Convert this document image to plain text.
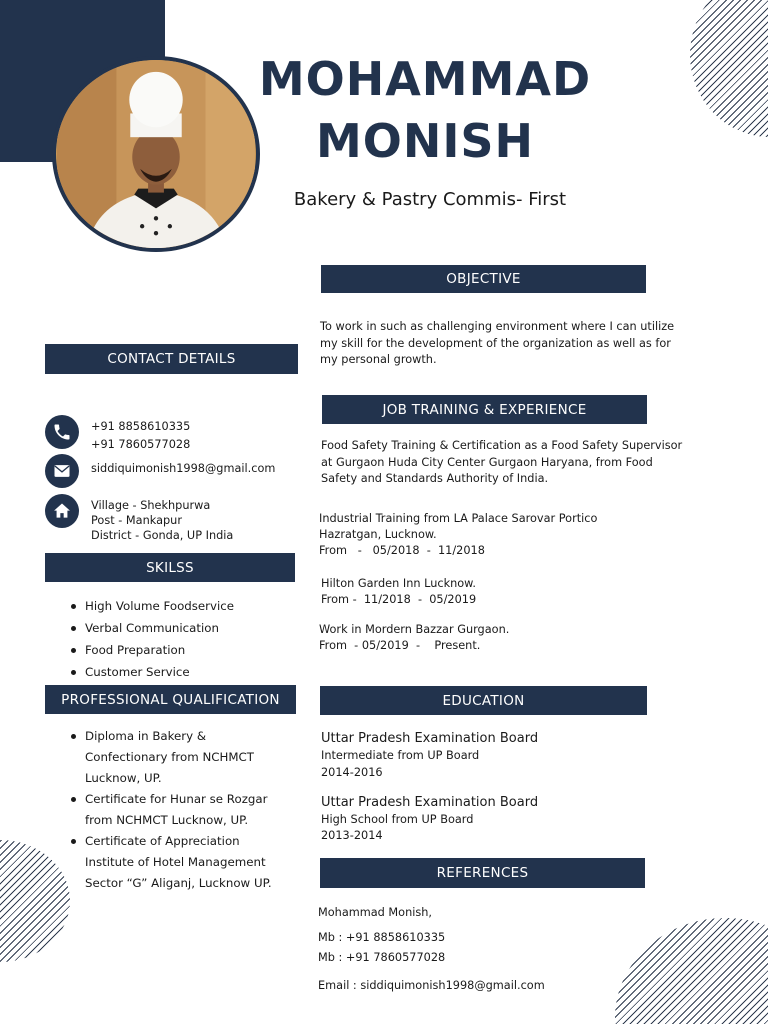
MOHAMMAD
MONISH
Bakery & Pastry Commis- First
OBJECTIVE
To work in such as challenging environment where I can utilize my skill for the development of the organization as well as for my personal growth.
CONTACT DETAILS
+91 8858610335
+91 7860577028
siddiquimonish1998@gmail.com
Village - Shekhpurwa
Post - Mankapur
District - Gonda, UP India
SKILSS
High Volume Foodservice
Verbal Communication
Food Preparation
Customer Service
PROFESSIONAL QUALIFICATION
Diploma in Bakery & Confectionary from NCHMCT Lucknow, UP.
Certificate for Hunar se Rozgar from NCHMCT Lucknow, UP.
Certificate of Appreciation Institute of Hotel Management Sector “G” Aliganj, Lucknow UP.
JOB TRAINING & EXPERIENCE
Food Safety Training & Certification as a Food Safety Supervisor at Gurgaon Huda City Center Gurgaon Haryana, from Food Safety and Standards Authority of India.
Industrial Training from LA Palace Sarovar Portico
Hazratgan, Lucknow.
From   -   05/2018  -  11/2018
Hilton Garden Inn Lucknow.
From -  11/2018  -  05/2019
Work in Mordern Bazzar Gurgaon.
From  - 05/2019  -    Present.
EDUCATION
Uttar Pradesh Examination Board
Intermediate from UP Board
2014-2016
Uttar Pradesh Examination Board
High School from UP Board
2013-2014
REFERENCES
Mohammad Monish,
Mb : +91 8858610335
Mb : +91 7860577028
Email : siddiquimonish1998@gmail.com
